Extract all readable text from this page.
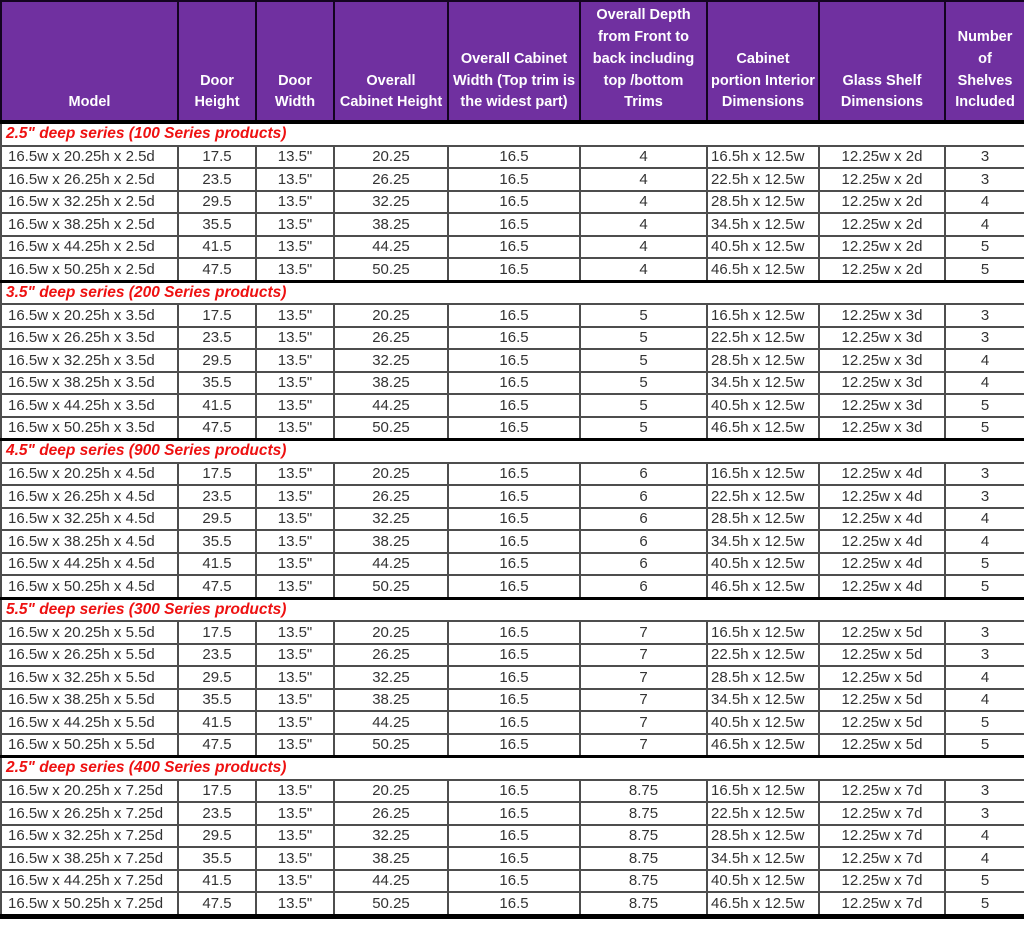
Model	Door Height	Door Width	Overall Cabinet Height	Overall Cabinet Width (Top trim is the widest part)	Overall Depth from Front to back including top /bottom Trims	Cabinet portion Interior Dimensions	Glass Shelf Dimensions	Number of Shelves Included
2.5" deep series (100 Series products)								
16.5w x 20.25h x 2.5d	17.5	13.5"	20.25	16.5	4	16.5h x 12.5w	12.25w x 2d	3
16.5w x 26.25h x 2.5d	23.5	13.5"	26.25	16.5	4	22.5h x 12.5w	12.25w x 2d	3
16.5w x 32.25h x 2.5d	29.5	13.5"	32.25	16.5	4	28.5h x 12.5w	12.25w x 2d	4
16.5w x 38.25h x 2.5d	35.5	13.5"	38.25	16.5	4	34.5h x 12.5w	12.25w x 2d	4
16.5w x 44.25h x 2.5d	41.5	13.5"	44.25	16.5	4	40.5h x 12.5w	12.25w x 2d	5
16.5w x 50.25h x 2.5d	47.5	13.5"	50.25	16.5	4	46.5h x 12.5w	12.25w x 2d	5
3.5" deep series (200 Series products)								
16.5w x 20.25h x 3.5d	17.5	13.5"	20.25	16.5	5	16.5h x 12.5w	12.25w x 3d	3
16.5w x 26.25h x 3.5d	23.5	13.5"	26.25	16.5	5	22.5h x 12.5w	12.25w x 3d	3
16.5w x 32.25h x 3.5d	29.5	13.5"	32.25	16.5	5	28.5h x 12.5w	12.25w x 3d	4
16.5w x 38.25h x 3.5d	35.5	13.5"	38.25	16.5	5	34.5h x 12.5w	12.25w x 3d	4
16.5w x 44.25h x 3.5d	41.5	13.5"	44.25	16.5	5	40.5h x 12.5w	12.25w x 3d	5
16.5w x 50.25h x 3.5d	47.5	13.5"	50.25	16.5	5	46.5h x 12.5w	12.25w x 3d	5
4.5" deep series (900 Series products)								
16.5w x 20.25h x 4.5d	17.5	13.5"	20.25	16.5	6	16.5h x 12.5w	12.25w x 4d	3
16.5w x 26.25h x 4.5d	23.5	13.5"	26.25	16.5	6	22.5h x 12.5w	12.25w x 4d	3
16.5w x 32.25h x 4.5d	29.5	13.5"	32.25	16.5	6	28.5h x 12.5w	12.25w x 4d	4
16.5w x 38.25h x 4.5d	35.5	13.5"	38.25	16.5	6	34.5h x 12.5w	12.25w x 4d	4
16.5w x 44.25h x 4.5d	41.5	13.5"	44.25	16.5	6	40.5h x 12.5w	12.25w x 4d	5
16.5w x 50.25h x 4.5d	47.5	13.5"	50.25	16.5	6	46.5h x 12.5w	12.25w x 4d	5
5.5" deep series (300 Series products)								
16.5w x 20.25h x 5.5d	17.5	13.5"	20.25	16.5	7	16.5h x 12.5w	12.25w x 5d	3
16.5w x 26.25h x 5.5d	23.5	13.5"	26.25	16.5	7	22.5h x 12.5w	12.25w x 5d	3
16.5w x 32.25h x 5.5d	29.5	13.5"	32.25	16.5	7	28.5h x 12.5w	12.25w x 5d	4
16.5w x 38.25h x 5.5d	35.5	13.5"	38.25	16.5	7	34.5h x 12.5w	12.25w x 5d	4
16.5w x 44.25h x 5.5d	41.5	13.5"	44.25	16.5	7	40.5h x 12.5w	12.25w x 5d	5
16.5w x 50.25h x 5.5d	47.5	13.5"	50.25	16.5	7	46.5h x 12.5w	12.25w x 5d	5
2.5" deep series (400 Series products)								
16.5w x 20.25h x 7.25d	17.5	13.5"	20.25	16.5	8.75	16.5h x 12.5w	12.25w x 7d	3
16.5w x 26.25h x 7.25d	23.5	13.5"	26.25	16.5	8.75	22.5h x 12.5w	12.25w x 7d	3
16.5w x 32.25h x 7.25d	29.5	13.5"	32.25	16.5	8.75	28.5h x 12.5w	12.25w x 7d	4
16.5w x 38.25h x 7.25d	35.5	13.5"	38.25	16.5	8.75	34.5h x 12.5w	12.25w x 7d	4
16.5w x 44.25h x 7.25d	41.5	13.5"	44.25	16.5	8.75	40.5h x 12.5w	12.25w x 7d	5
16.5w x 50.25h x 7.25d	47.5	13.5"	50.25	16.5	8.75	46.5h x 12.5w	12.25w x 7d	5
